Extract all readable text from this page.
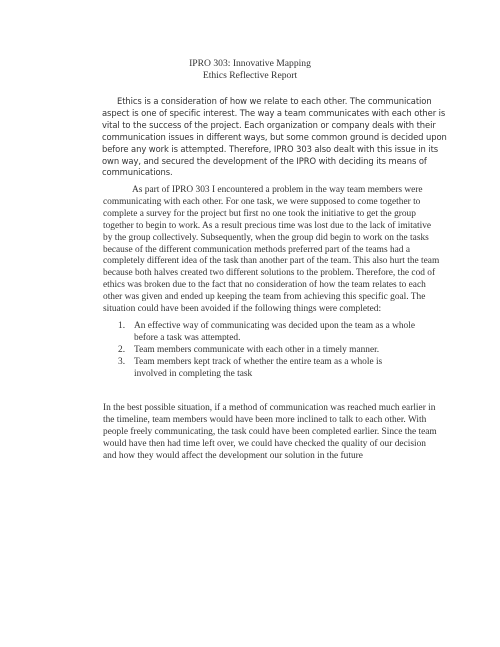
IPRO 303: Innovative Mapping
Ethics Reflective Report
Ethics is a consideration of how we relate to each other. The communication
aspect is one of specific interest. The way a team communicates with each other is
vital to the success of the project. Each organization or company deals with their
communication issues in different ways, but some common ground is decided upon
before any work is attempted. Therefore, IPRO 303 also dealt with this issue in its
own way, and secured the development of the IPRO with deciding its means of
communications.
As part of IPRO 303 I encountered a problem in the way team members were
communicating with each other. For one task, we were supposed to come together to
complete a survey for the project but first no one took the initiative to get the group
together to begin to work. As a result precious time was lost due to the lack of imitative
by the group collectively. Subsequently, when the group did begin to work on the tasks
because of the different communication methods preferred part of the teams had a
completely different idea of the task than another part of the team. This also hurt the team
because both halves created two different solutions to the problem. Therefore, the cod of
ethics was broken due to the fact that no consideration of how the team relates to each
other was given and ended up keeping the team from achieving this specific goal. The
situation could have been avoided if the following things were completed:
1. An effective way of communicating was decided upon the team as a whole
before a task was attempted.
2. Team members communicate with each other in a timely manner.
3. Team members kept track of whether the entire team as a whole is
involved in completing the task
In the best possible situation, if a method of communication was reached much earlier in
the timeline, team members would have been more inclined to talk to each other. With
people freely communicating, the task could have been completed earlier. Since the team
would have then had time left over, we could have checked the quality of our decision
and how they would affect the development our solution in the future
